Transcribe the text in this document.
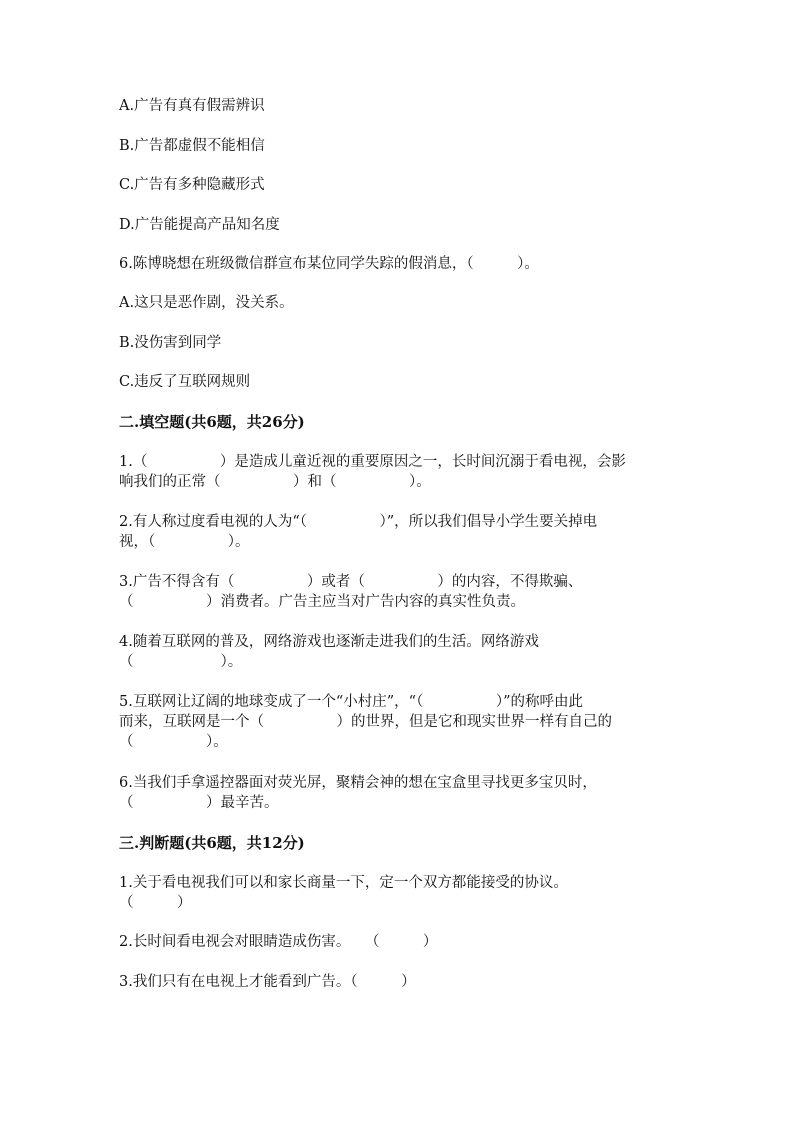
A.广告有真有假需辨识
B.广告都虚假不能相信
C.广告有多种隐藏形式
D.广告能提高产品知名度
6.陈博晓想在班级微信群宣布某位同学失踪的假消息，（　　　）。
A.这只是恶作剧，没关系。
B.没伤害到同学
C.违反了互联网规则
二.填空题(共6题，共26分)
1.（　　　　　）是造成儿童近视的重要原因之一，长时间沉溺于看电视，会影
响我们的正常（　　　　　）和（　　　　　）。
2.有人称过度看电视的人为“（　　　　　）”，所以我们倡导小学生要关掉电
视，（　　　　　）。
3.广告不得含有（　　　　　）或者（　　　　　）的内容，不得欺骗、
（　　　　　）消费者。广告主应当对广告内容的真实性负责。
4.随着互联网的普及，网络游戏也逐渐走进我们的生活。网络游戏
（　　　　　　）。
5.互联网让辽阔的地球变成了一个“小村庄”，“（　　　　　）”的称呼由此
而来，互联网是一个（　　　　　）的世界，但是它和现实世界一样有自己的
（　　　　　）。
6.当我们手拿遥控器面对荧光屏，聚精会神的想在宝盒里寻找更多宝贝时，
（　　　　　）最辛苦。
三.判断题(共6题，共12分)
1.关于看电视我们可以和家长商量一下，定一个双方都能接受的协议。
（　　　）
2.长时间看电视会对眼睛造成伤害。　　（　　　）
3.我们只有在电视上才能看到广告。（　　　）
